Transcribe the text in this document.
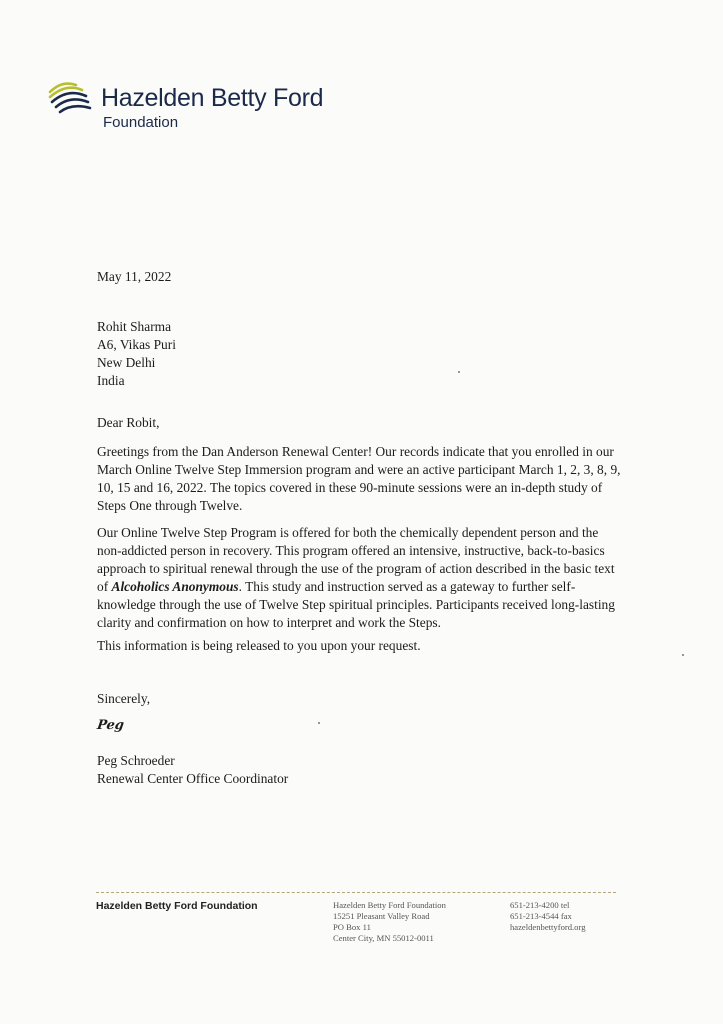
Hazelden Betty Ford
Foundation
May 11, 2022
Rohit Sharma
A6, Vikas Puri
New Delhi
India
Dear Robit,
Greetings from the Dan Anderson Renewal Center! Our records indicate that you enrolled in our March Online Twelve Step Immersion program and were an active participant March 1, 2, 3, 8, 9, 10, 15 and 16, 2022. The topics covered in these 90-minute sessions were an in-depth study of Steps One through Twelve.
Our Online Twelve Step Program is offered for both the chemically dependent person and the non-addicted person in recovery. This program offered an intensive, instructive, back-to-basics approach to spiritual renewal through the use of the program of action described in the basic text of Alcoholics Anonymous. This study and instruction served as a gateway to further self-knowledge through the use of Twelve Step spiritual principles. Participants received long-lasting clarity and confirmation on how to interpret and work the Steps.
This information is being released to you upon your request.
Sincerely,
Peg
Peg Schroeder
Renewal Center Office Coordinator
Hazelden Betty Ford Foundation	Hazelden Betty Ford Foundation
15251 Pleasant Valley Road
PO Box 11
Center City, MN 55012-0011
651-213-4200 tel
651-213-4544 fax
hazeldenbettyford.org
